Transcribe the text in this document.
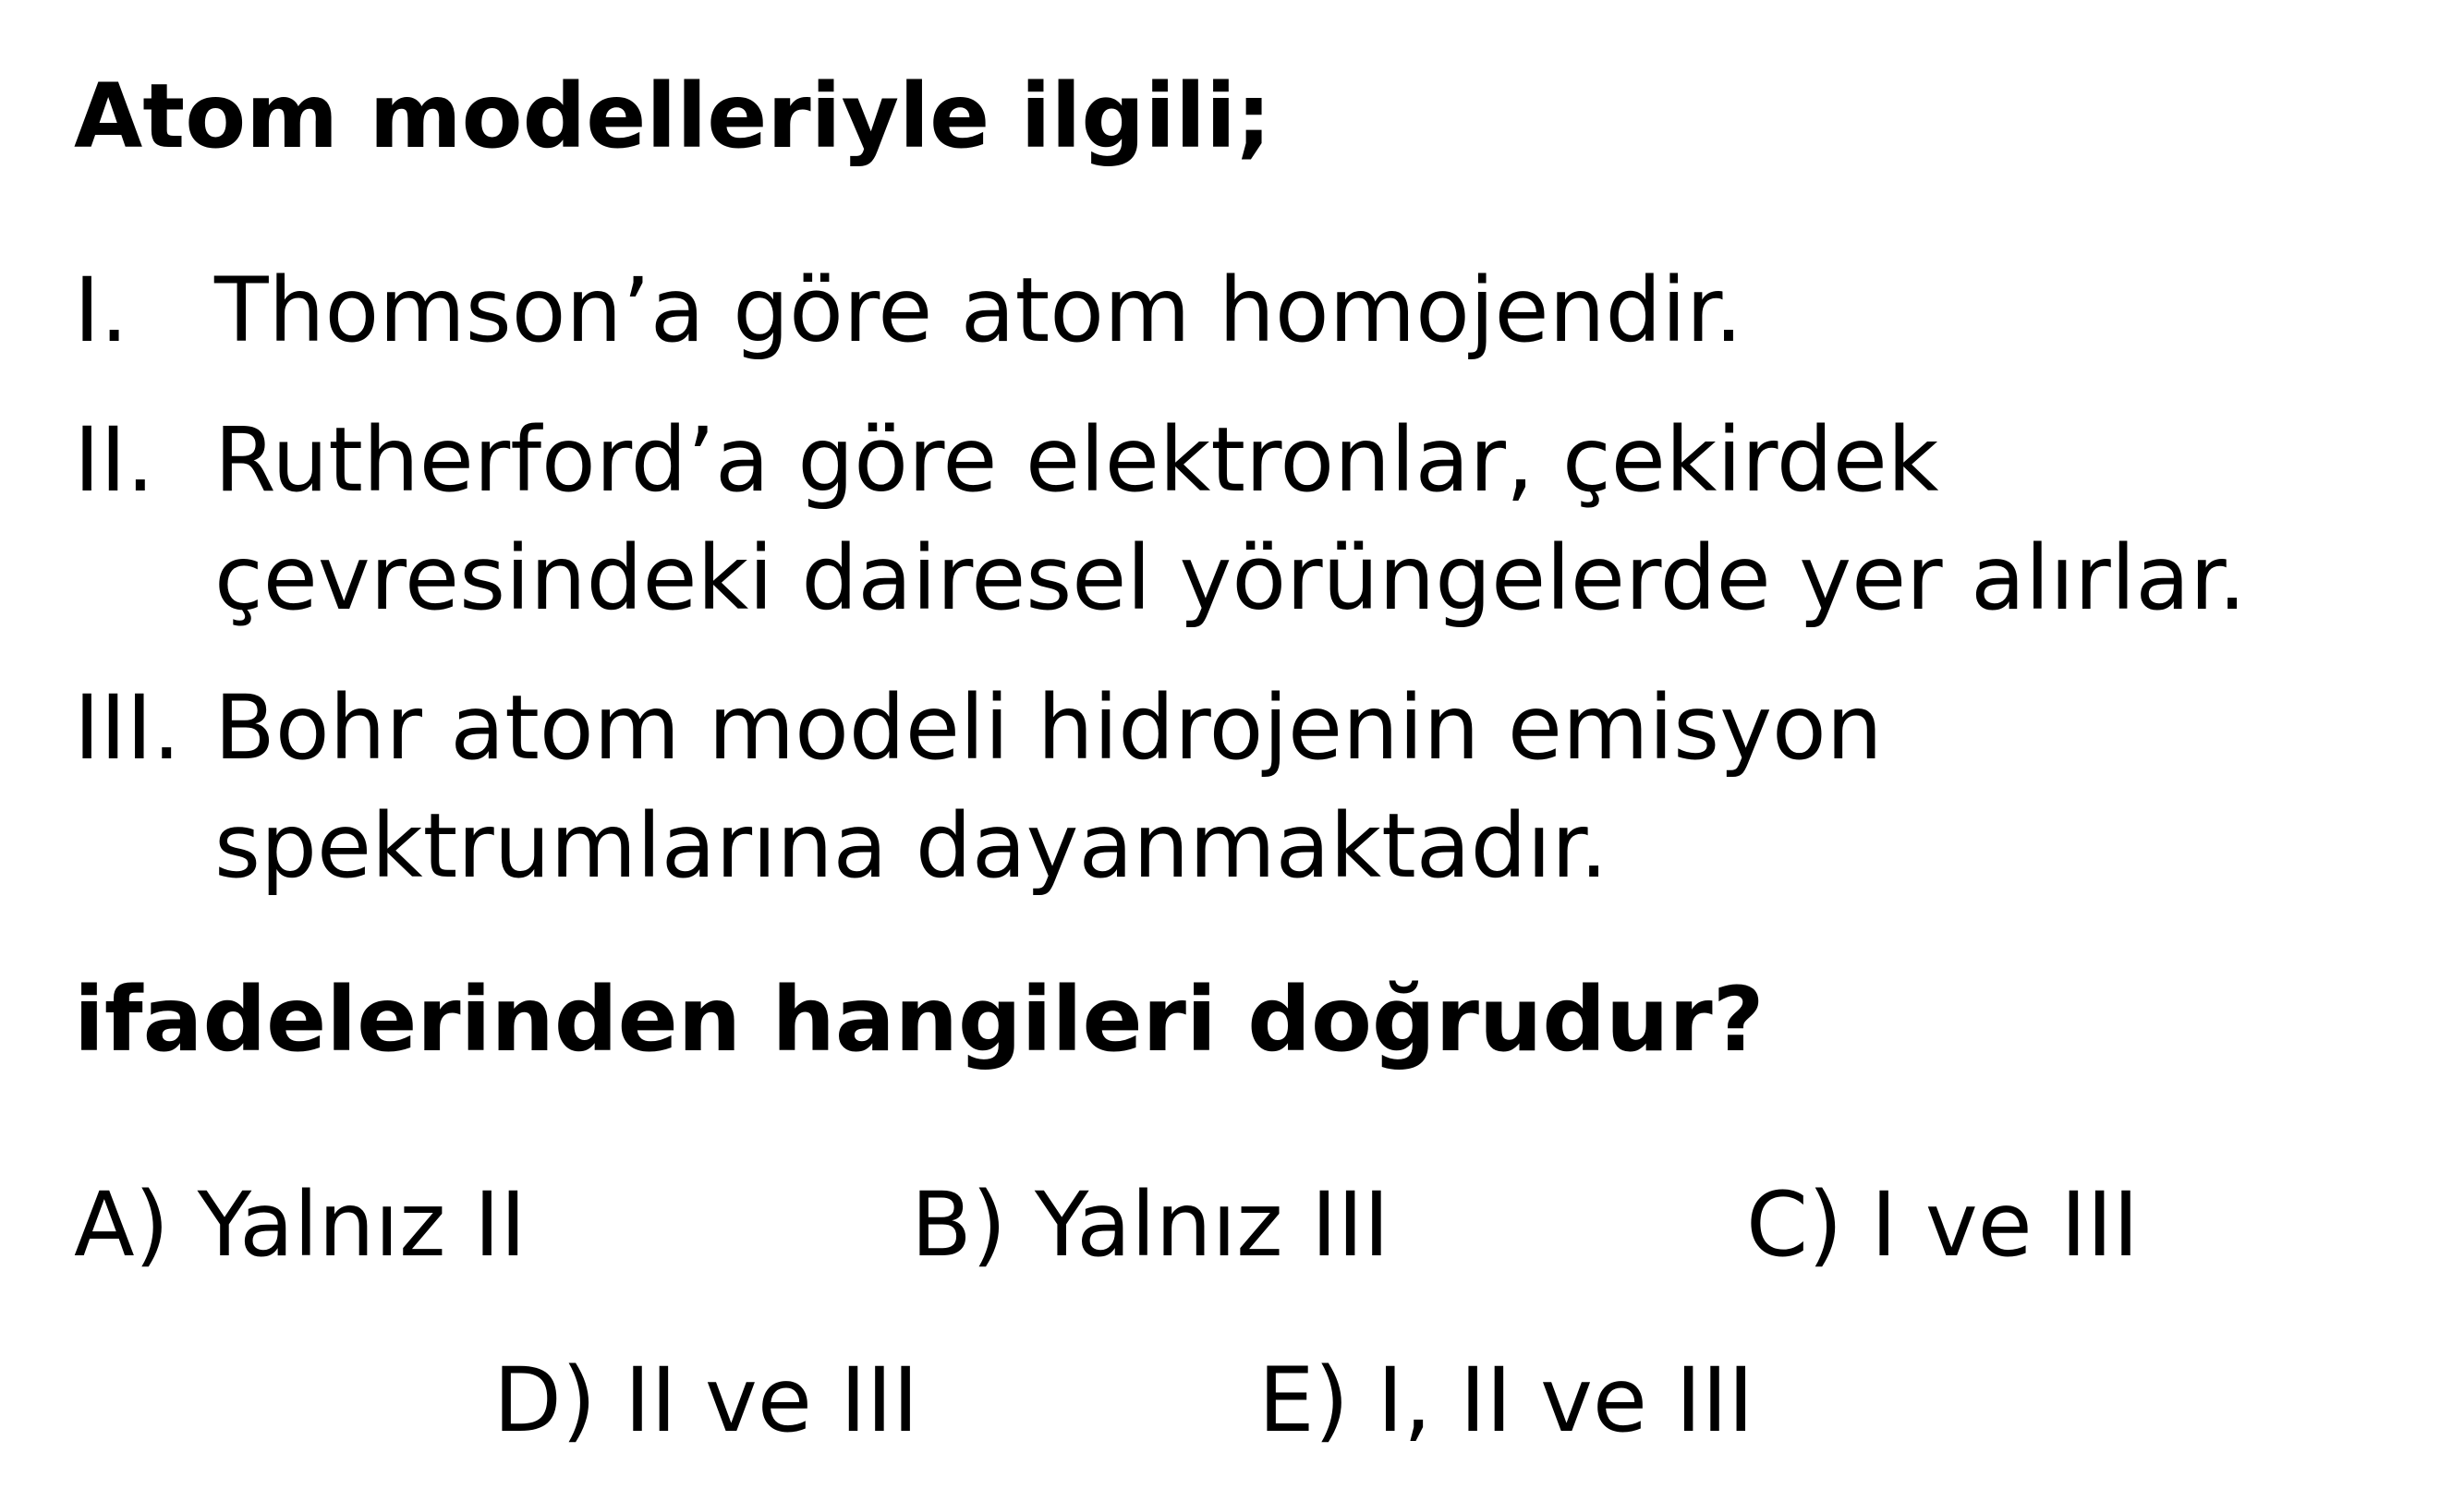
Atom modelleriyle ilgili;
I. Thomson’a göre atom homojendir.
II. Rutherford’a göre elektronlar, çekirdek
çevresindeki dairesel yörüngelerde yer alırlar.
III. Bohr atom modeli hidrojenin emisyon
spektrumlarına dayanmaktadır.

ifadelerinden hangileri doğrudur?

A) Yalnız II	B) Yalnız III	C) I ve III
D) II ve III	E) I, II ve III
